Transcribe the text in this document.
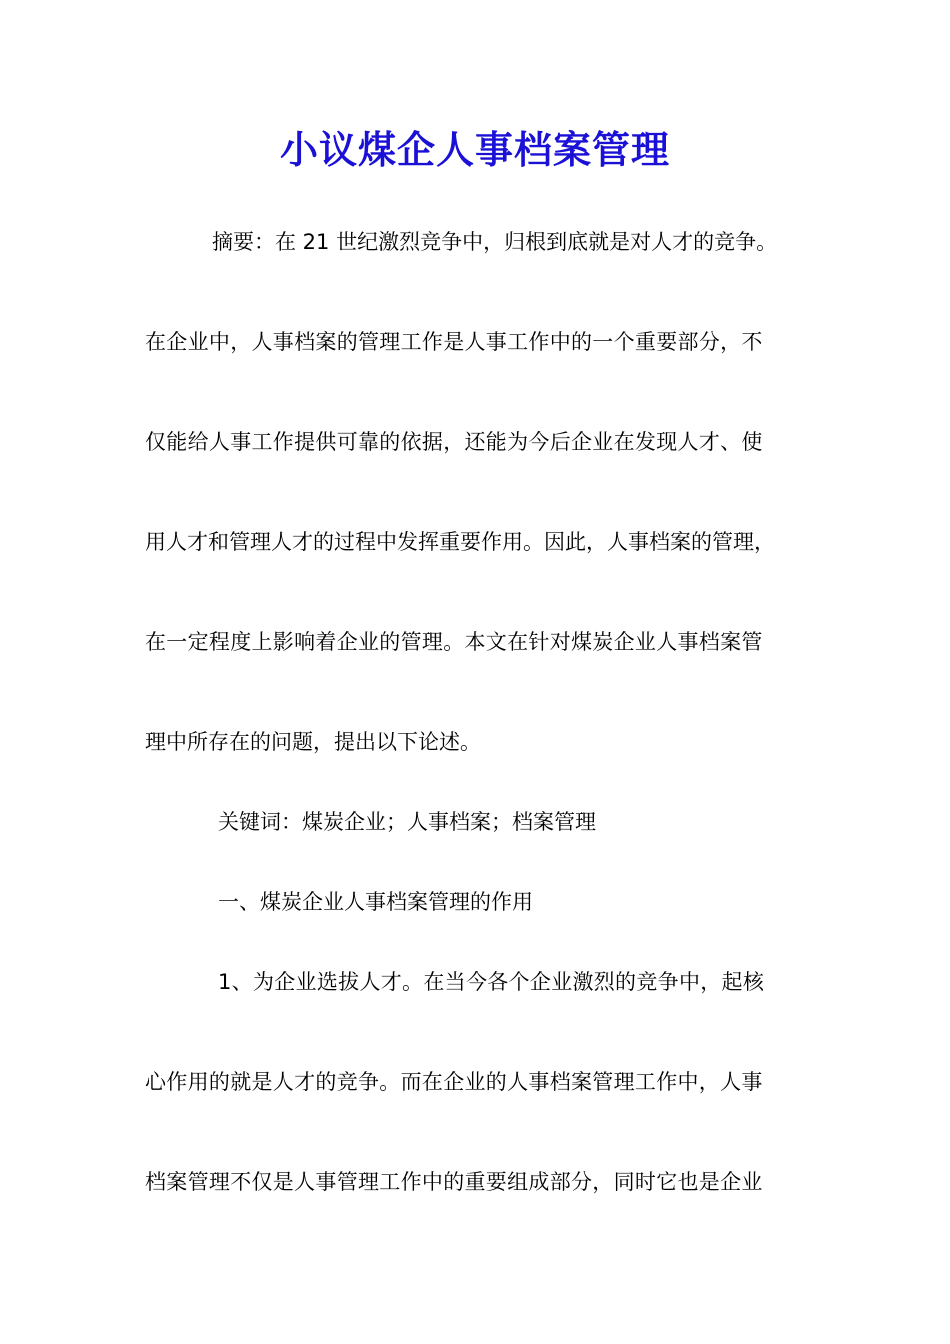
小议煤企人事档案管理
摘要：在 21 世纪激烈竞争中，归根到底就是对人才的竞争。
在企业中，人事档案的管理工作是人事工作中的一个重要部分，不
仅能给人事工作提供可靠的依据，还能为今后企业在发现人才、使
用人才和管理人才的过程中发挥重要作用。因此，人事档案的管理，
在一定程度上影响着企业的管理。本文在针对煤炭企业人事档案管
理中所存在的问题，提出以下论述。
关键词：煤炭企业；人事档案；档案管理
一、煤炭企业人事档案管理的作用
1、为企业选拔人才。在当今各个企业激烈的竞争中，起核
心作用的就是人才的竞争。而在企业的人事档案管理工作中，人事
档案管理不仅是人事管理工作中的重要组成部分，同时它也是企业
